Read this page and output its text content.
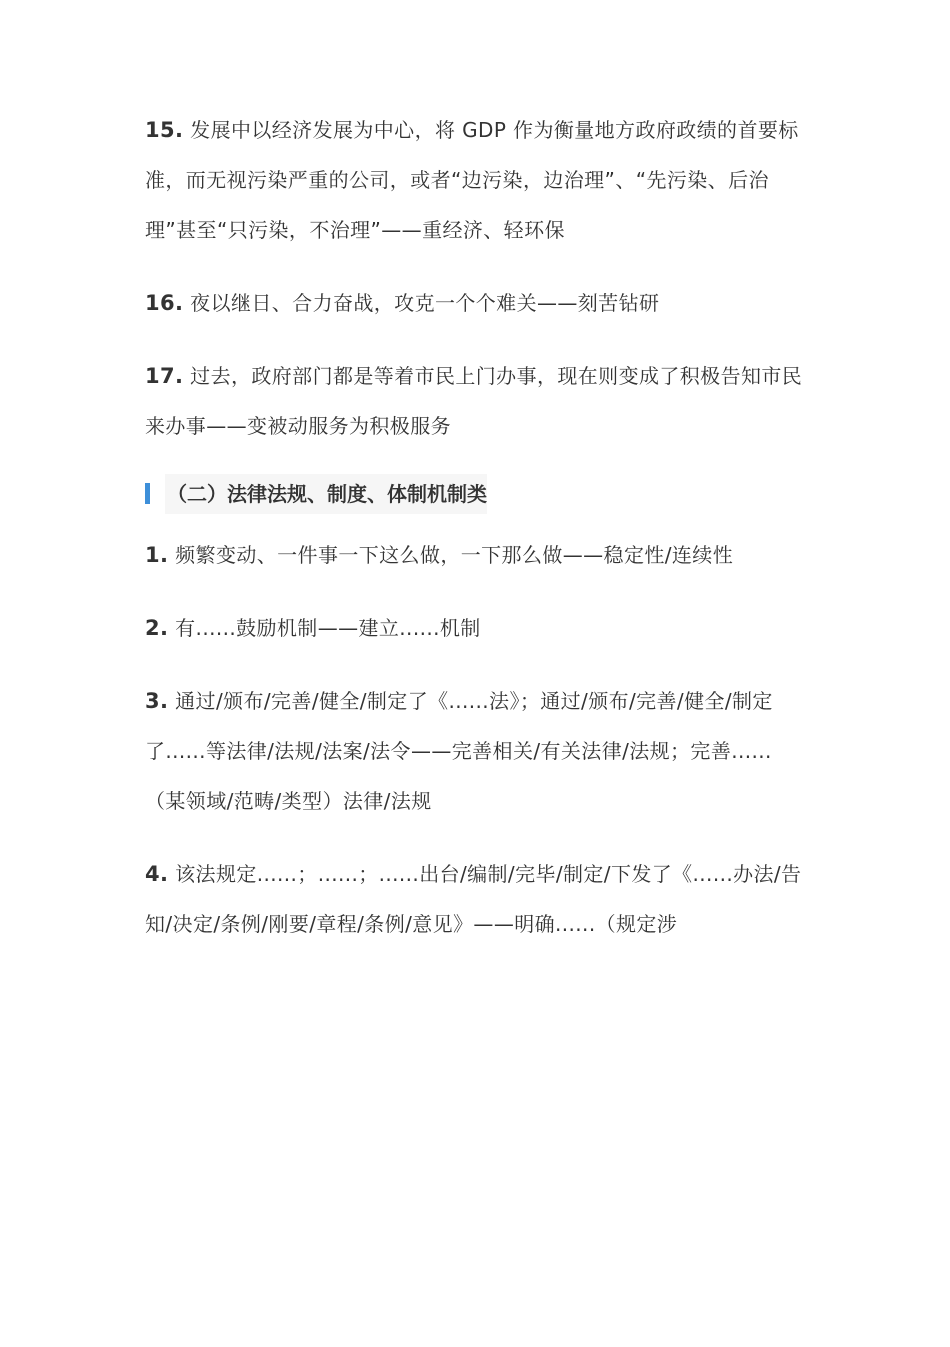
15. 发展中以经济发展为中心，将 GDP 作为衡量地方政府政绩的首要标准，而无视污染严重的公司，或者“边污染，边治理”、“先污染、后治理”甚至“只污染，不治理”——重经济、轻环保

16. 夜以继日、合力奋战，攻克一个个难关——刻苦钻研

17. 过去，政府部门都是等着市民上门办事，现在则变成了积极告知市民来办事——变被动服务为积极服务

（二）法律法规、制度、体制机制类

1. 频繁变动、一件事一下这么做，一下那么做——稳定性/连续性

2. 有......鼓励机制——建立......机制

3. 通过/颁布/完善/健全/制定了《......法》；通过/颁布/完善/健全/制定了......等法律/法规/法案/法令——完善相关/有关法律/法规；完善......（某领域/范畴/类型）法律/法规

4. 该法规定......；......；......出台/编制/完毕/制定/下发了《......办法/告知/决定/条例/刚要/章程/条例/意见》——明确......（规定涉
